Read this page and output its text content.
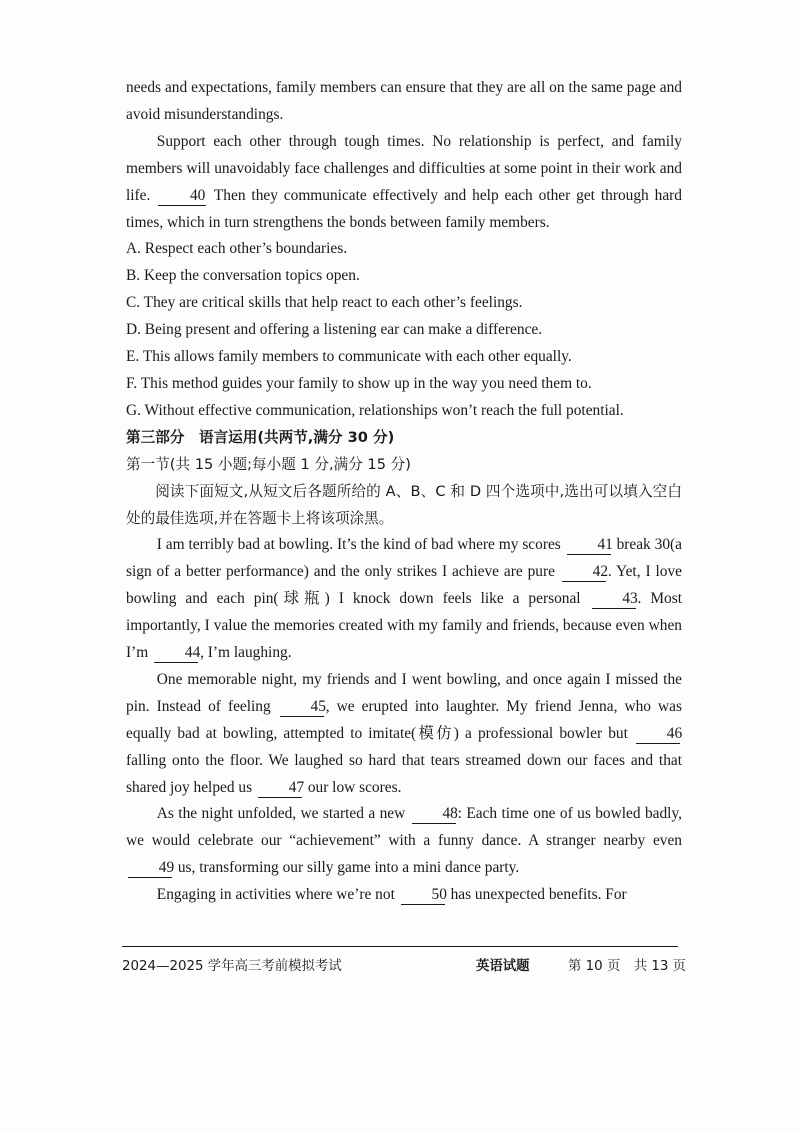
needs and expectations, family members can ensure that they are all on the same page and avoid misunderstandings.

Support each other through tough times. No relationship is perfect, and family members will unavoidably face challenges and difficulties at some point in their work and life.	40 Then they communicate effectively and help each other get through hard times, which in turn strengthens the bonds between family members.

A. Respect each other’s boundaries.

B. Keep the conversation topics open.

C. They are critical skills that help react to each other’s feelings.

D. Being present and offering a listening ear can make a difference.

E. This allows family members to communicate with each other equally.

F. This method guides your family to show up in the way you need them to.

G. Without effective communication, relationships won’t reach the full potential.

第三部分　语言运用(共两节,满分 30 分)

第一节(共 15 小题;每小题 1 分,满分 15 分)

阅读下面短文,从短文后各题所给的 A、B、C 和 D 四个选项中,选出可以填入空白处的最佳选项,并在答题卡上将该项涂黑。

I am terribly bad at bowling. It’s the kind of bad where my scores 41 break 30(a sign of a better performance) and the only strikes I achieve are pure 42. Yet, I love bowling and each pin(球瓶) I knock down feels like a personal	43. Most importantly, I value the memories created with my family and friends, because even when I’m 44, I’m laughing.

One memorable night, my friends and I went bowling, and once again I missed the pin. Instead of feeling	45, we erupted into laughter. My friend Jenna, who was equally bad at bowling, attempted to imitate(模仿) a professional bowler but	46 falling onto the floor. We laughed so hard that tears streamed down our faces and that shared joy helped us 47 our low scores.

As the night unfolded, we started a new 48: Each time one of us bowled badly, we would celebrate our “achievement” with a funny dance. A stranger nearby even 49 us, transforming our silly game into a mini dance party.

Engaging in activities where we’re not 50 has unexpected benefits. For

2024—2025 学年高三考前模拟考试	英语试题	第 10 页　共 13 页
